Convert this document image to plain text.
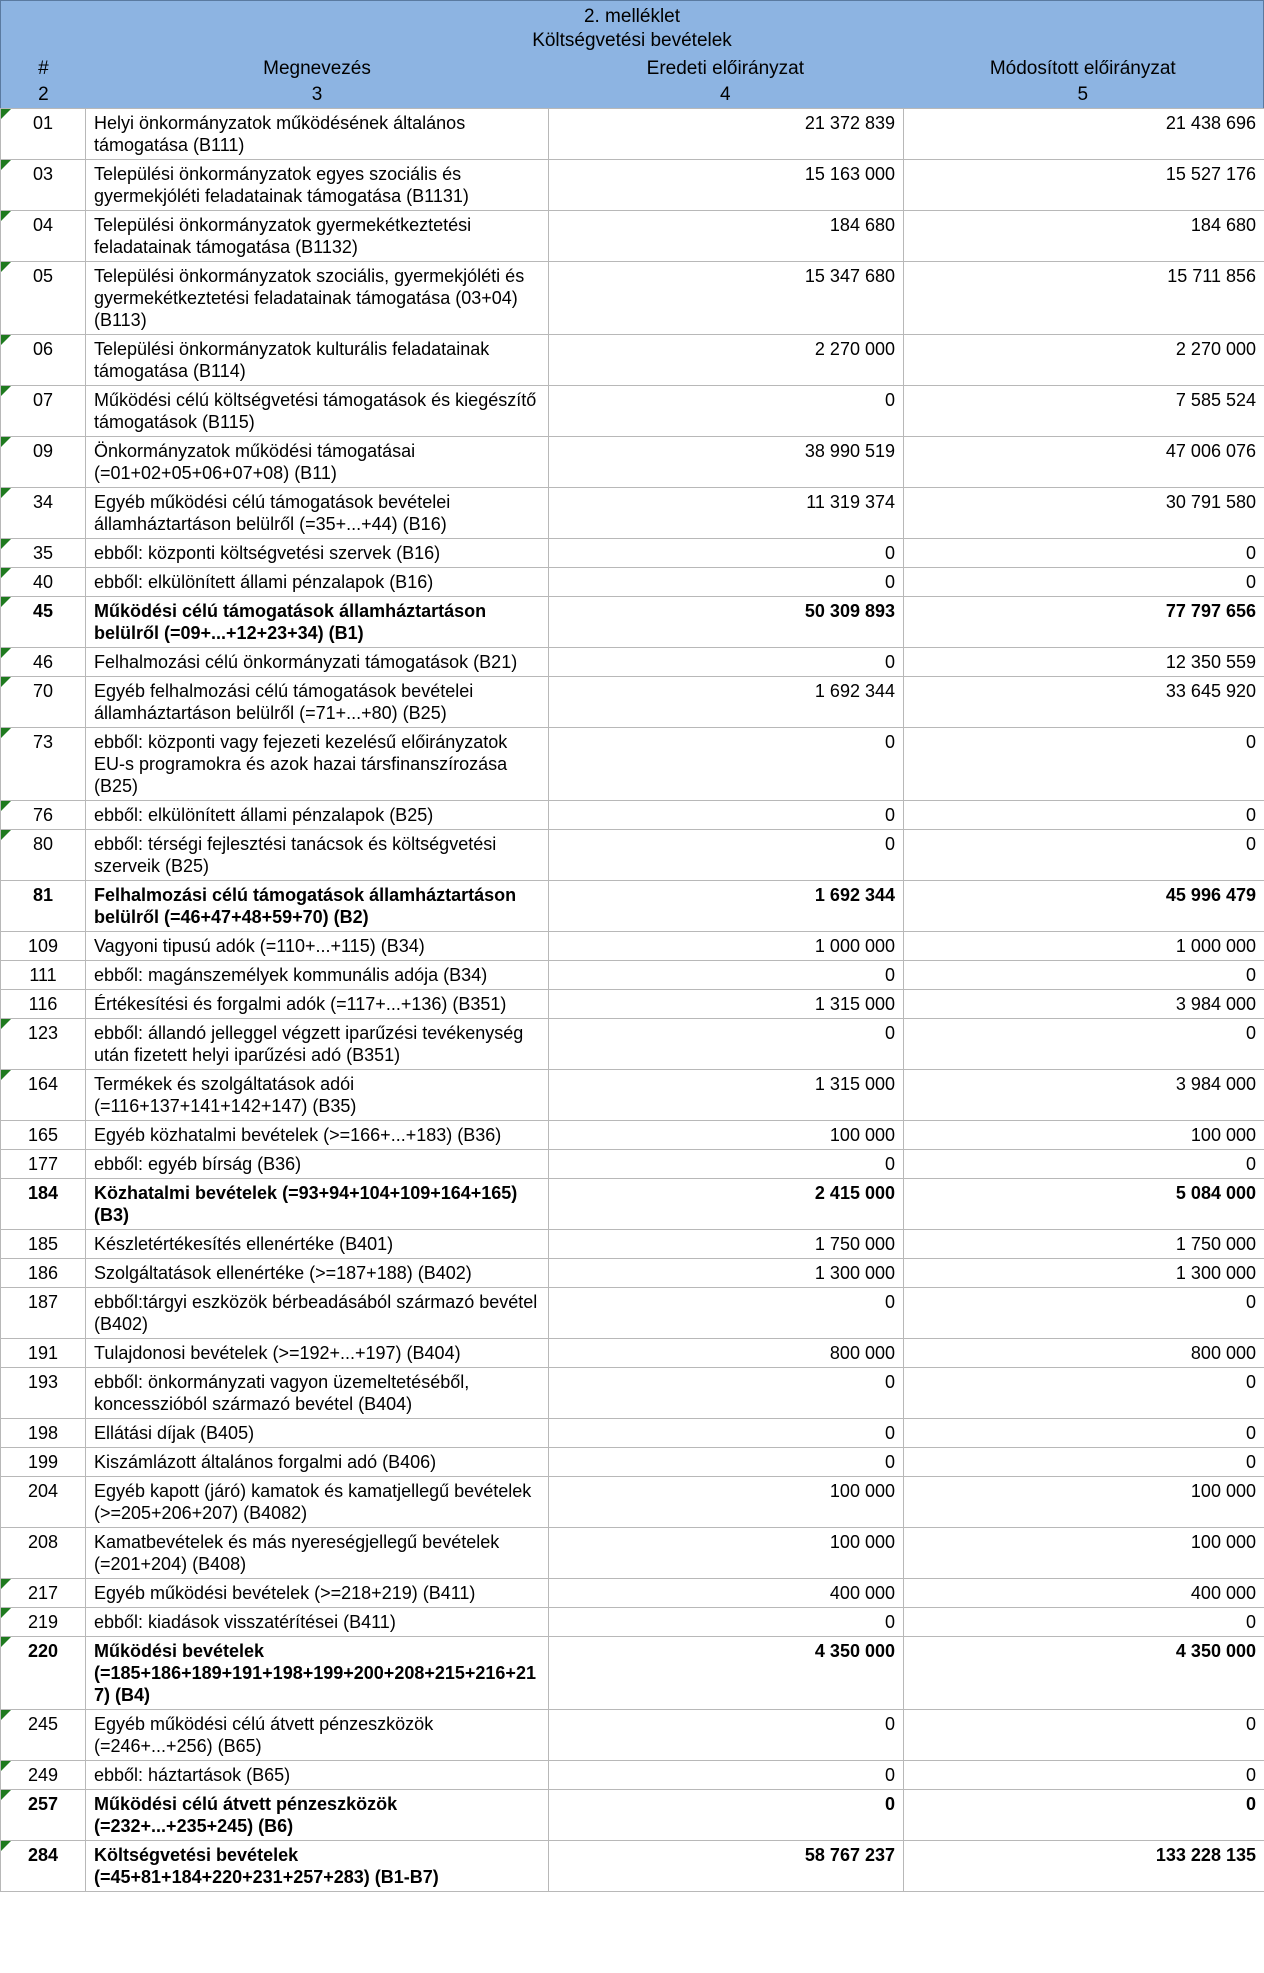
2. melléklet
Költségvetési bevételek
#	Megnevezés	Eredeti előirányzat	Módosított előirányzat
2	3	4	5
01	Helyi önkormányzatok működésének általános támogatása (B111)	21 372 839	21 438 696

03	Települési önkormányzatok egyes szociális és gyermekjóléti feladatainak támogatása (B1131)	15 163 000	15 527 176

04	Települési önkormányzatok gyermekétkeztetési feladatainak támogatása (B1132)	184 680	184 680

05	Települési önkormányzatok szociális, gyermekjóléti és gyermekétkeztetési feladatainak támogatása (03+04) (B113)	15 347 680	15 711 856

06	Települési önkormányzatok kulturális feladatainak támogatása (B114)	2 270 000	2 270 000

07	Működési célú költségvetési támogatások és kiegészítő támogatások (B115)	0	7 585 524

09	Önkormányzatok működési támogatásai (=01+02+05+06+07+08) (B11)	38 990 519	47 006 076

34	Egyéb működési célú támogatások bevételei államháztartáson belülről (=35+...+44) (B16)	11 319 374	30 791 580

35	ebből: központi költségvetési szervek (B16)	0	0

40	ebből: elkülönített állami pénzalapok (B16)	0	0

45	Működési célú támogatások államháztartáson belülről (=09+...+12+23+34) (B1)	50 309 893	77 797 656

46	Felhalmozási célú önkormányzati támogatások (B21)	0	12 350 559

70	Egyéb felhalmozási célú támogatások bevételei államháztartáson belülről (=71+...+80) (B25)	1 692 344	33 645 920

73	ebből: központi vagy fejezeti kezelésű előirányzatok EU-s programokra és azok hazai társfinanszírozása (B25)	0	0

76	ebből: elkülönített állami pénzalapok (B25)	0	0

80	ebből: térségi fejlesztési tanácsok és költségvetési szerveik (B25)	0	0
81	Felhalmozási célú támogatások államháztartáson belülről (=46+47+48+59+70) (B2)	1 692 344	45 996 479
109	Vagyoni tipusú adók (=110+...+115) (B34)	1 000 000	1 000 000
111	ebből: magánszemélyek kommunális adója (B34)	0	0
116	Értékesítési és forgalmi adók (=117+...+136) (B351)	1 315 000	3 984 000

123	ebből: állandó jelleggel végzett iparűzési tevékenység után fizetett helyi iparűzési adó (B351)	0	0

164	Termékek és szolgáltatások adói (=116+137+141+142+147) (B35)	1 315 000	3 984 000
165	Egyéb közhatalmi bevételek (>=166+...+183) (B36)	100 000	100 000
177	ebből: egyéb bírság (B36)	0	0
184	Közhatalmi bevételek (=93+94+104+109+164+165) (B3)	2 415 000	5 084 000
185	Készletértékesítés ellenértéke (B401)	1 750 000	1 750 000
186	Szolgáltatások ellenértéke (>=187+188) (B402)	1 300 000	1 300 000
187	ebből:tárgyi eszközök bérbeadásából származó bevétel (B402)	0	0
191	Tulajdonosi bevételek (>=192+...+197) (B404)	800 000	800 000
193	ebből: önkormányzati vagyon üzemeltetéséből, koncesszióból származó bevétel (B404)	0	0
198	Ellátási díjak (B405)	0	0
199	Kiszámlázott általános forgalmi adó (B406)	0	0
204	Egyéb kapott (járó) kamatok és kamatjellegű bevételek (>=205+206+207) (B4082)	100 000	100 000
208	Kamatbevételek és más nyereségjellegű bevételek (=201+204) (B408)	100 000	100 000

217	Egyéb működési bevételek (>=218+219) (B411)	400 000	400 000

219	ebből: kiadások visszatérítései (B411)	0	0

220	Működési bevételek (=185+186+189+191+198+199+200+208+215+216+217) (B4)	4 350 000	4 350 000

245	Egyéb működési célú átvett pénzeszközök (=246+...+256) (B65)	0	0

249	ebből: háztartások (B65)	0	0

257	Működési célú átvett pénzeszközök (=232+...+235+245) (B6)	0	0

284	Költségvetési bevételek (=45+81+184+220+231+257+283) (B1-B7)	58 767 237	133 228 135
